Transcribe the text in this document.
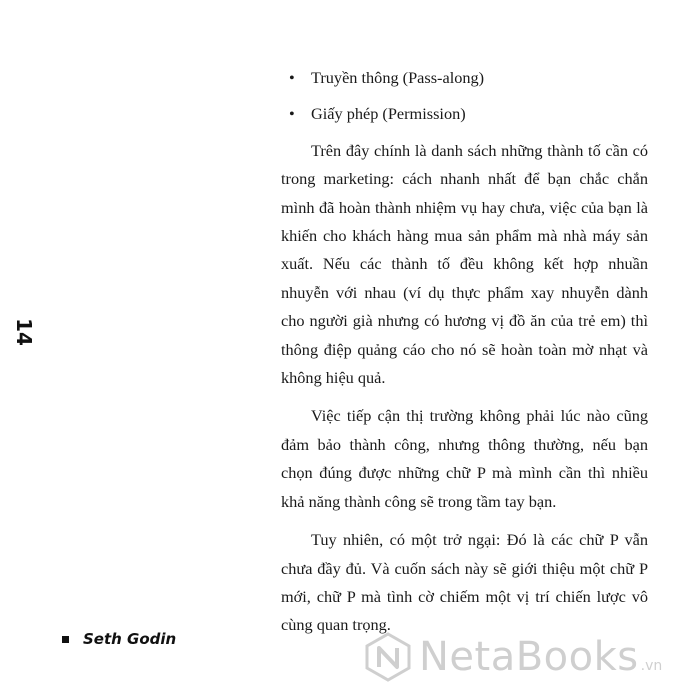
• Truyền thông (Pass-along)
• Giấy phép (Permission)

Trên đây chính là danh sách những thành tố cần có trong marketing: cách nhanh nhất để bạn chắc chắn mình đã hoàn thành nhiệm vụ hay chưa, việc của bạn là khiến cho khách hàng mua sản phẩm mà nhà máy sản xuất. Nếu các thành tố đều không kết hợp nhuần nhuyễn với nhau (ví dụ thực phẩm xay nhuyễn dành cho người già nhưng có hương vị đồ ăn của trẻ em) thì thông điệp quảng cáo cho nó sẽ hoàn toàn mờ nhạt và không hiệu quả.

Việc tiếp cận thị trường không phải lúc nào cũng đảm bảo thành công, nhưng thông thường, nếu bạn chọn đúng được những chữ P mà mình cần thì nhiều khả năng thành công sẽ trong tầm tay bạn.

Tuy nhiên, có một trở ngại: Đó là các chữ P vẫn chưa đầy đủ. Và cuốn sách này sẽ giới thiệu một chữ P mới, chữ P mà tình cờ chiếm một vị trí chiến lược vô cùng quan trọng.

14
Seth Godin	NetaBooks .vn
